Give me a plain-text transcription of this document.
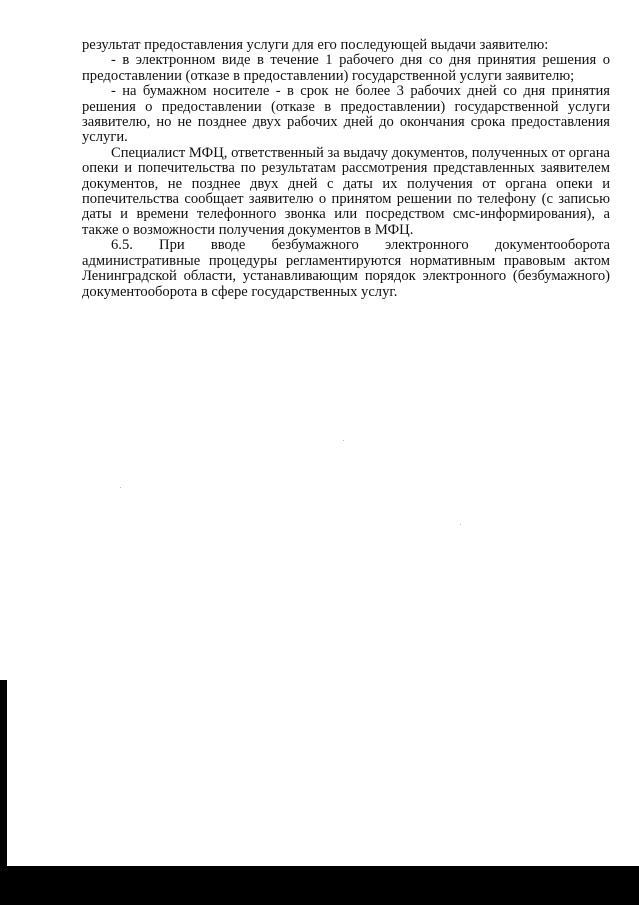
результат предоставления услуги для его последующей выдачи заявителю:

- в электронном виде в течение 1 рабочего дня со дня принятия решения о предоставлении (отказе в предоставлении) государственной услуги заявителю;

- на бумажном носителе - в срок не более 3 рабочих дней со дня принятия решения о предоставлении (отказе в предоставлении) государственной услуги заявителю, но не позднее двух рабочих дней до окончания срока предоставления услуги.

Специалист МФЦ, ответственный за выдачу документов, полученных от органа опеки и попечительства по результатам рассмотрения представленных заявителем документов, не позднее двух дней с даты их получения от органа опеки и попечительства сообщает заявителю о принятом решении по телефону (с записью даты и времени телефонного звонка или посредством смс-информирования), а также о возможности получения документов в МФЦ.

6.5. При вводе безбумажного электронного документооборота административные процедуры регламентируются нормативным правовым актом Ленинградской области, устанавливающим порядок электронного (безбумажного) документооборота в сфере государственных услуг.
